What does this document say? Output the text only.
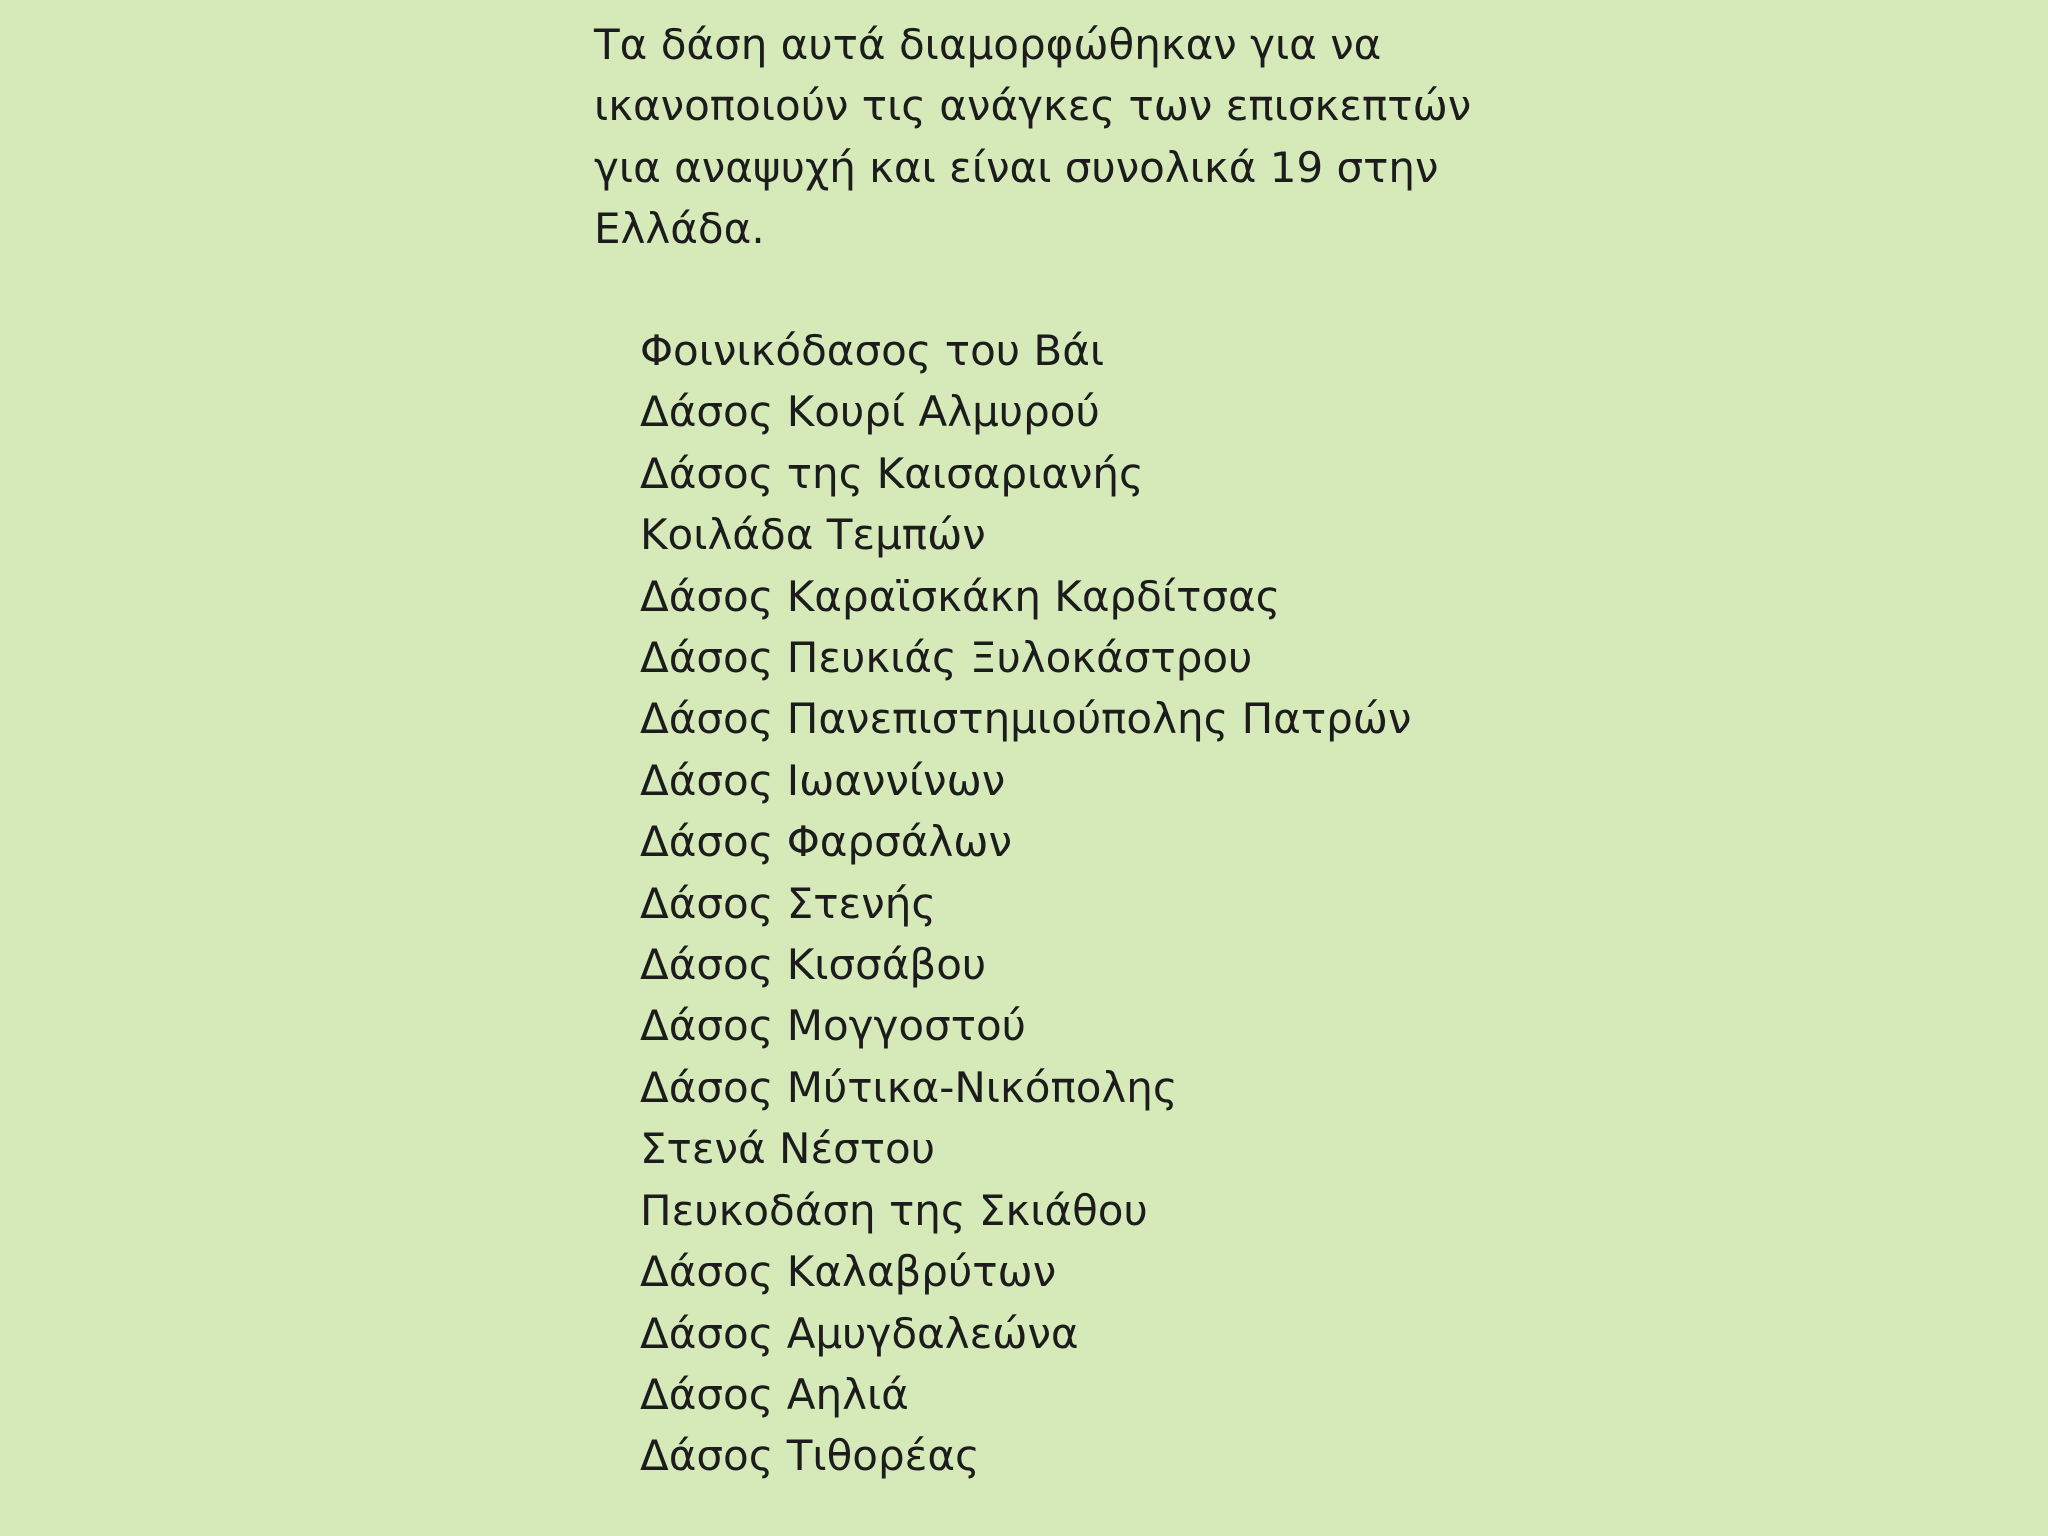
Τα δάση αυτά διαμορφώθηκαν για να
ικανοποιούν τις ανάγκες των επισκεπτών
για αναψυχή και είναι συνολικά 19 στην
Ελλάδα.

Φοινικόδασος του Βάι
Δάσος Κουρί Αλμυρού
Δάσος της Καισαριανής
Κοιλάδα Τεμπών
Δάσος Καραϊσκάκη Καρδίτσας
Δάσος Πευκιάς Ξυλοκάστρου
Δάσος Πανεπιστημιούπολης Πατρών
Δάσος Ιωαννίνων
Δάσος Φαρσάλων
Δάσος Στενής
Δάσος Κισσάβου
Δάσος Μογγοστού
Δάσος Μύτικα-Νικόπολης
Στενά Νέστου
Πευκοδάση της Σκιάθου
Δάσος Καλαβρύτων
Δάσος Αμυγδαλεώνα
Δάσος Αηλιά
Δάσος Τιθορέας
